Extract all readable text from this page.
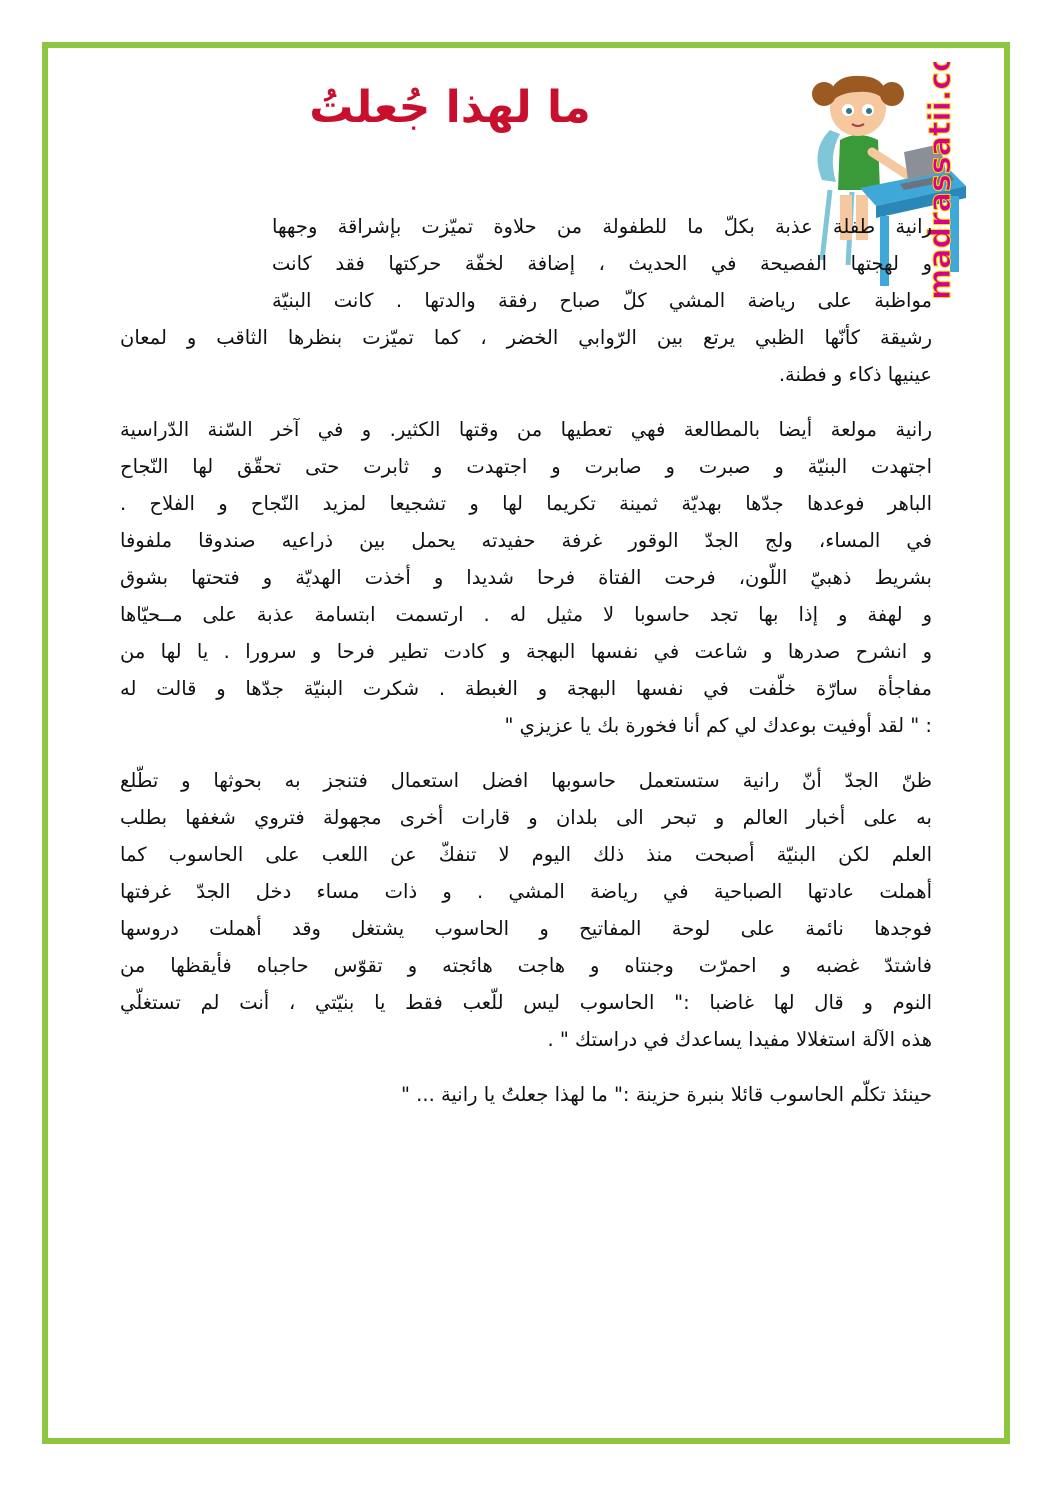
ما لهذا جُعلتُ	madrassatii.com

رانية طفلة عذبة بكلّ ما للطفولة من حلاوة تميّزت بإشراقة وجهها
و لهجتها الفصيحة في الحديث ، إضافة لخفّة حركتها فقد كانت
مواظبة على رياضة المشي كلّ صباح رفقة والدتها . كانت البنيّة
رشيقة كأنّها الظبي يرتع بين الرّوابي الخضر ، كما تميّزت بنظرها الثاقب و لمعان
عينيها ذكاء و فطنة.

رانية مولعة أيضا بالمطالعة فهي تعطيها من وقتها الكثير. و في آخر السّنة الدّراسية
اجتهدت البنيّة و صبرت و صابرت و اجتهدت و ثابرت حتى تحقّق لها النّجاح
الباهر فوعدها جدّها بهديّة ثمينة تكريما لها و تشجيعا لمزيد النّجاح و الفلاح .
في المساء، ولج الجدّ الوقور غرفة حفيدته يحمل بين ذراعيه صندوقا ملفوفا
بشريط ذهبيّ اللّون، فرحت الفتاة فرحا شديدا و أخذت الهديّة و فتحتها بشوق
و لهفة و إذا بها تجد حاسوبا لا مثيل له . ارتسمت ابتسامة عذبة على مــحيّاها
و انشرح صدرها و شاعت في نفسها البهجة و كادت تطير فرحا و سرورا . يا لها من
مفاجأة سارّة خلّفت في نفسها البهجة و الغبطة . شكرت البنيّة جدّها و قالت له
: " لقد أوفيت بوعدك لي كم أنا فخورة بك يا عزيزي "

ظنّ الجدّ أنّ رانية ستستعمل حاسوبها افضل استعمال فتنجز به بحوثها و تطّلع
به على أخبار العالم و تبحر الى بلدان و قارات أخرى مجهولة فتروي شغفها بطلب
العلم لكن البنيّة أصبحت منذ ذلك اليوم لا تنفكّ عن اللعب على الحاسوب كما
أهملت عادتها الصباحية في رياضة المشي . و ذات مساء دخل الجدّ غرفتها
فوجدها نائمة على لوحة المفاتيح و الحاسوب يشتغل وقد أهملت دروسها
فاشتدّ غضبه و احمرّت وجنتاه و هاجت هائجته و تقوّس حاجباه فأيقظها من
النوم و قال لها غاضبا :" الحاسوب ليس للّعب فقط يا بنيّتي ، أنت لم تستغلّي
هذه الآلة استغلالا مفيدا يساعدك في دراستك " .

حينئذ تكلّم الحاسوب قائلا بنبرة حزينة :" ما لهذا جعلتُ يا رانية ... "
